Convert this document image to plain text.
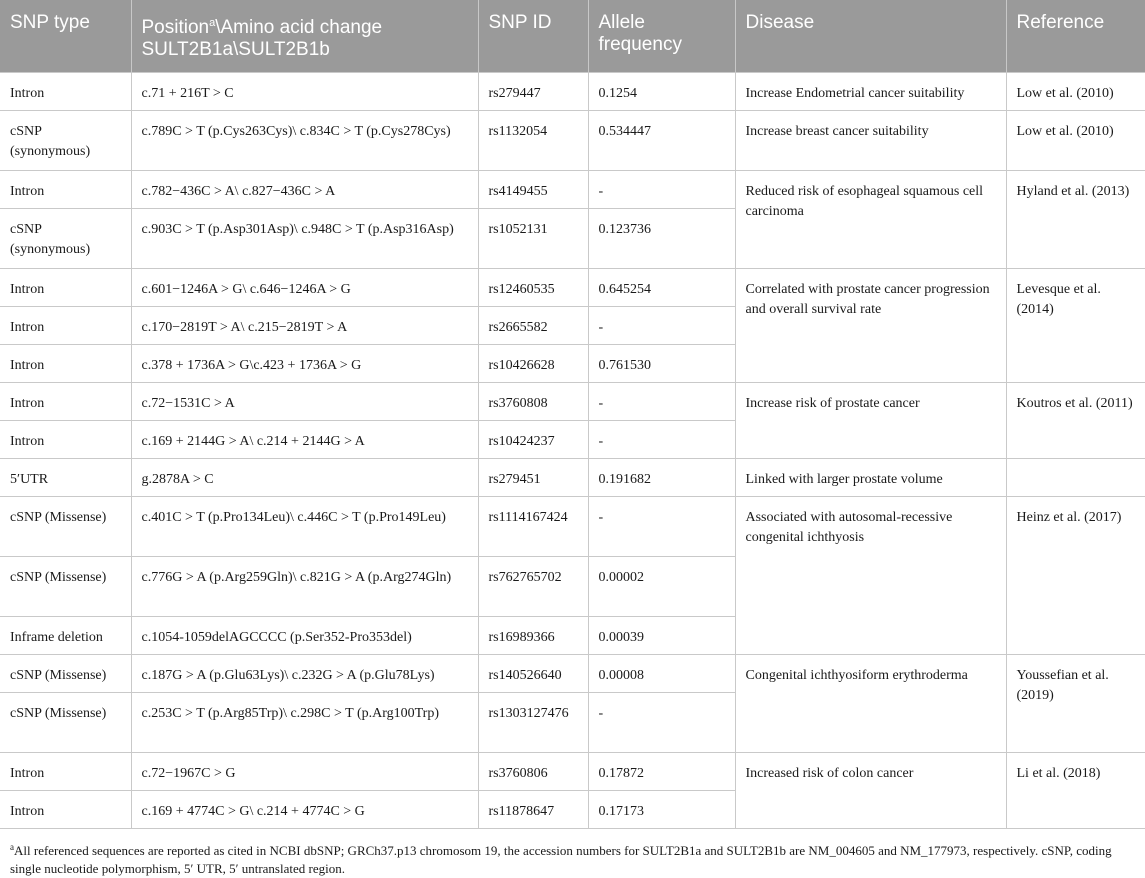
SNP type	Position$^a$\Amino acid change SULT2B1a\SULT2B1b	SNP ID	Allele frequency	Disease	Reference
Intron	c.71 + 216T > C	rs279447	0.1254	Increase Endometrial cancer suitability	Low et al. (2010)
cSNP (synonymous)	c.789C > T (p.Cys263Cys)\ c.834C > T (p.Cys278Cys)	rs1132054	0.534447	Increase breast cancer suitability	Low et al. (2010)
Intron	c.782−436C > A\ c.827−436C > A	rs4149455	-	Reduced risk of esophageal squamous cell carcinoma	Hyland et al. (2013)
cSNP (synonymous)	c.903C > T (p.Asp301Asp)\ c.948C > T (p.Asp316Asp)	rs1052131	0.123736		
Intron	c.601−1246A > G\ c.646−1246A > G	rs12460535	0.645254	Correlated with prostate cancer progression and overall survival rate	Levesque et al. (2014)
Intron	c.170−2819T > A\ c.215−2819T > A	rs2665582	-		
Intron	c.378 + 1736A > G\c.423 + 1736A > G	rs10426628	0.761530		
Intron	c.72−1531C > A	rs3760808	-	Increase risk of prostate cancer	Koutros et al. (2011)
Intron	c.169 + 2144G > A\ c.214 + 2144G > A	rs10424237	-		
5′UTR	g.2878A > C	rs279451	0.191682	Linked with larger prostate volume	
cSNP (Missense)	c.401C > T (p.Pro134Leu)\ c.446C > T (p.Pro149Leu)	rs1114167424	-	Associated with autosomal-recessive congenital ichthyosis	Heinz et al. (2017)
cSNP (Missense)	c.776G > A (p.Arg259Gln)\ c.821G > A (p.Arg274Gln)	rs762765702	0.00002		
Inframe deletion	c.1054-1059delAGCCCC (p.Ser352-Pro353del)	rs16989366	0.00039		
cSNP (Missense)	c.187G > A (p.Glu63Lys)\ c.232G > A (p.Glu78Lys)	rs140526640	0.00008	Congenital ichthyosiform erythroderma	Youssefian et al. (2019)
cSNP (Missense)	c.253C > T (p.Arg85Trp)\ c.298C > T (p.Arg100Trp)	rs1303127476	-		
Intron	c.72−1967C > G	rs3760806	0.17872	Increased risk of colon cancer	Li et al. (2018)
Intron	c.169 + 4774C > G\ c.214 + 4774C > G	rs11878647	0.17173		
$^a$All referenced sequences are reported as cited in NCBI dbSNP; GRCh37.p13 chromosom 19, the accession numbers for SULT2B1a and SULT2B1b are NM_004605 and NM_177973, respectively. cSNP, coding single nucleotide polymorphism, 5′ UTR, 5′ untranslated region.
